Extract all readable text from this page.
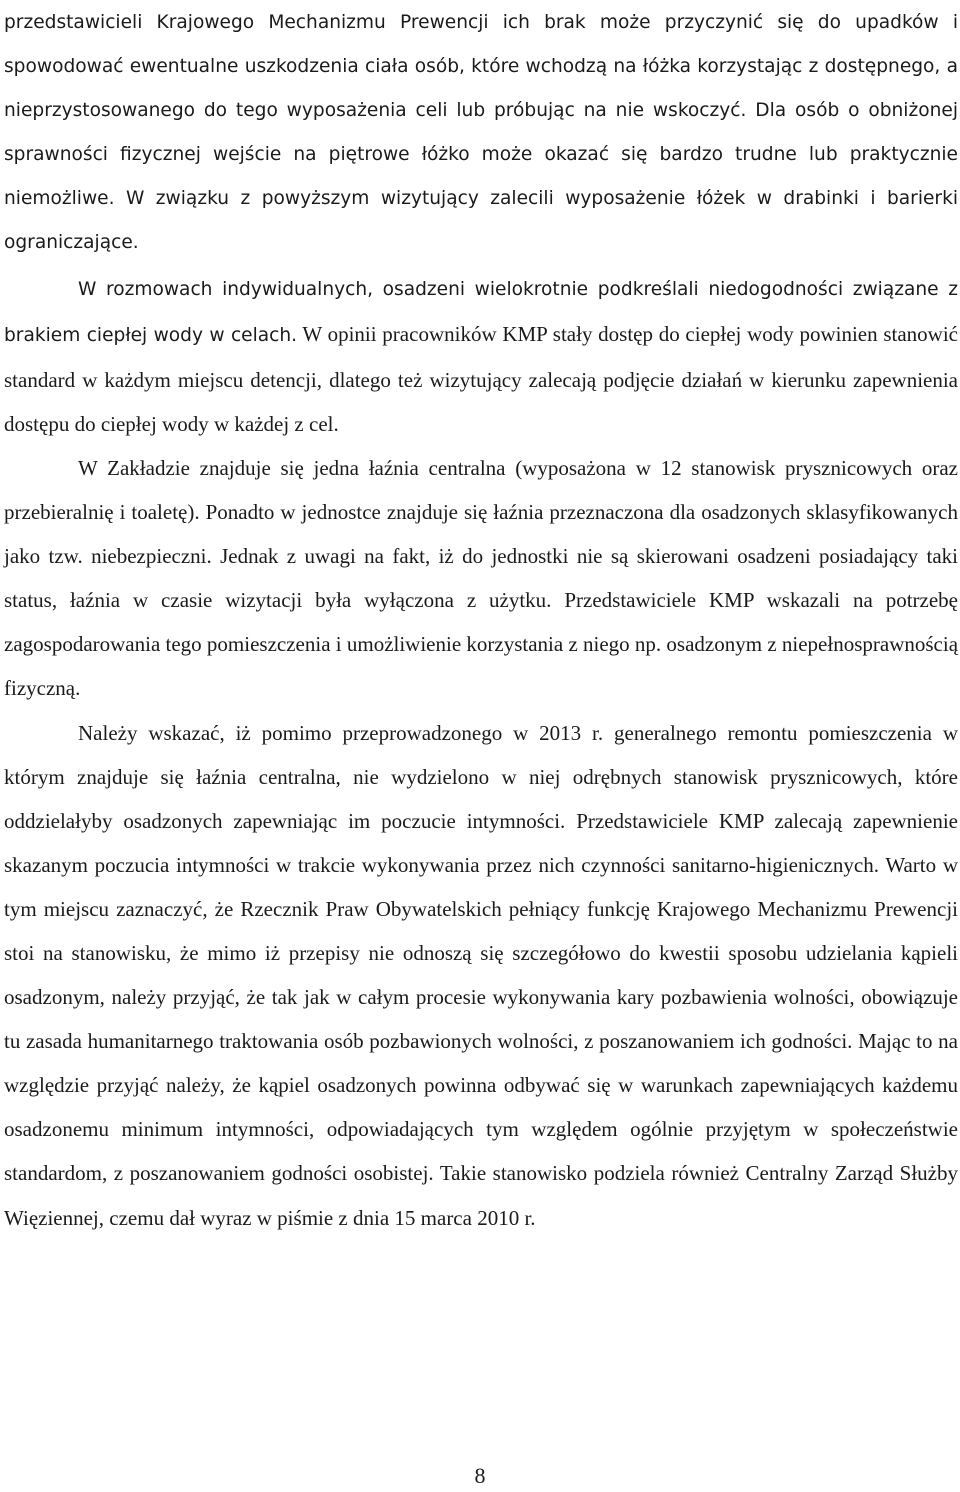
przedstawicieli Krajowego Mechanizmu Prewencji ich brak może przyczynić się do upadków i spowodować ewentualne uszkodzenia ciała osób, które wchodzą na łóżka korzystając z dostępnego, a nieprzystosowanego do tego wyposażenia celi lub próbując na nie wskoczyć. Dla osób o obniżonej sprawności fizycznej wejście na piętrowe łóżko może okazać się bardzo trudne lub praktycznie niemożliwe. W związku z powyższym wizytujący zalecili wyposażenie łóżek w drabinki i barierki ograniczające.

W rozmowach indywidualnych, osadzeni wielokrotnie podkreślali niedogodności związane z brakiem ciepłej wody w celach. W opinii pracowników KMP stały dostęp do ciepłej wody powinien stanowić standard w każdym miejscu detencji, dlatego też wizytujący zalecają podjęcie działań w kierunku zapewnienia dostępu do ciepłej wody w każdej z cel.

W Zakładzie znajduje się jedna łaźnia centralna (wyposażona w 12 stanowisk prysznicowych oraz przebieralnię i toaletę). Ponadto w jednostce znajduje się łaźnia przeznaczona dla osadzonych sklasyfikowanych jako tzw. niebezpieczni. Jednak z uwagi na fakt, iż do jednostki nie są skierowani osadzeni posiadający taki status, łaźnia w czasie wizytacji była wyłączona z użytku. Przedstawiciele KMP wskazali na potrzebę zagospodarowania tego pomieszczenia i umożliwienie korzystania z niego np. osadzonym z niepełnosprawnością fizyczną.

Należy wskazać, iż pomimo przeprowadzonego w 2013 r. generalnego remontu pomieszczenia w którym znajduje się łaźnia centralna, nie wydzielono w niej odrębnych stanowisk prysznicowych, które oddzielałyby osadzonych zapewniając im poczucie intymności. Przedstawiciele KMP zalecają zapewnienie skazanym poczucia intymności w trakcie wykonywania przez nich czynności sanitarno-higienicznych. Warto w tym miejscu zaznaczyć, że Rzecznik Praw Obywatelskich pełniący funkcję Krajowego Mechanizmu Prewencji stoi na stanowisku, że mimo iż przepisy nie odnoszą się szczegółowo do kwestii sposobu udzielania kąpieli osadzonym, należy przyjąć, że tak jak w całym procesie wykonywania kary pozbawienia wolności, obowiązuje tu zasada humanitarnego traktowania osób pozbawionych wolności, z poszanowaniem ich godności. Mając to na względzie przyjąć należy, że kąpiel osadzonych powinna odbywać się w warunkach zapewniających każdemu osadzonemu minimum intymności, odpowiadających tym względem ogólnie przyjętym w społeczeństwie standardom, z poszanowaniem godności osobistej. Takie stanowisko podziela również Centralny Zarząd Służby Więziennej, czemu dał wyraz w piśmie z dnia 15 marca 2010 r.

8
